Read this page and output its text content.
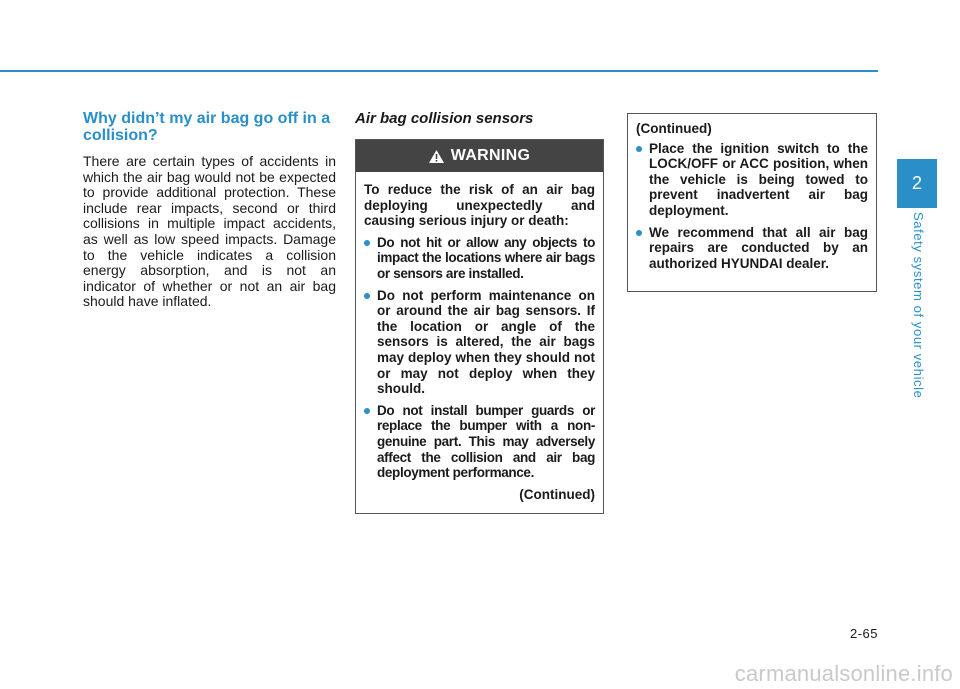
Why didn’t my air bag go off in a collision?

There are certain types of accidents in which the air bag would not be expected to provide additional protection. These include rear impacts, second or third collisions in multiple impact accidents, as well as low speed impacts. Damage to the vehicle indicates a collision energy absorption, and is not an indicator of whether or not an air bag should have inflated.

Air bag collision sensors
WARNING

To reduce the risk of an air bag deploying unexpectedly and causing serious injury or death:

Do not hit or allow any objects to impact the locations where air bags or sensors are installed.
Do not perform maintenance on or around the air bag sensors. If the location or angle of the sensors is altered, the air bags may deploy when they should not or may not deploy when they should.
Do not install bumper guards or replace the bumper with a non-genuine part. This may adversely affect the collision and air bag deployment performance.
(Continued)

(Continued)

Place the ignition switch to the LOCK/OFF or ACC position, when the vehicle is being towed to prevent inadvertent air bag deployment.
We recommend that all air bag repairs are conducted by an authorized HYUNDAI dealer.
2
Safety system of your vehicle
2-65
carmanualsonline.info
